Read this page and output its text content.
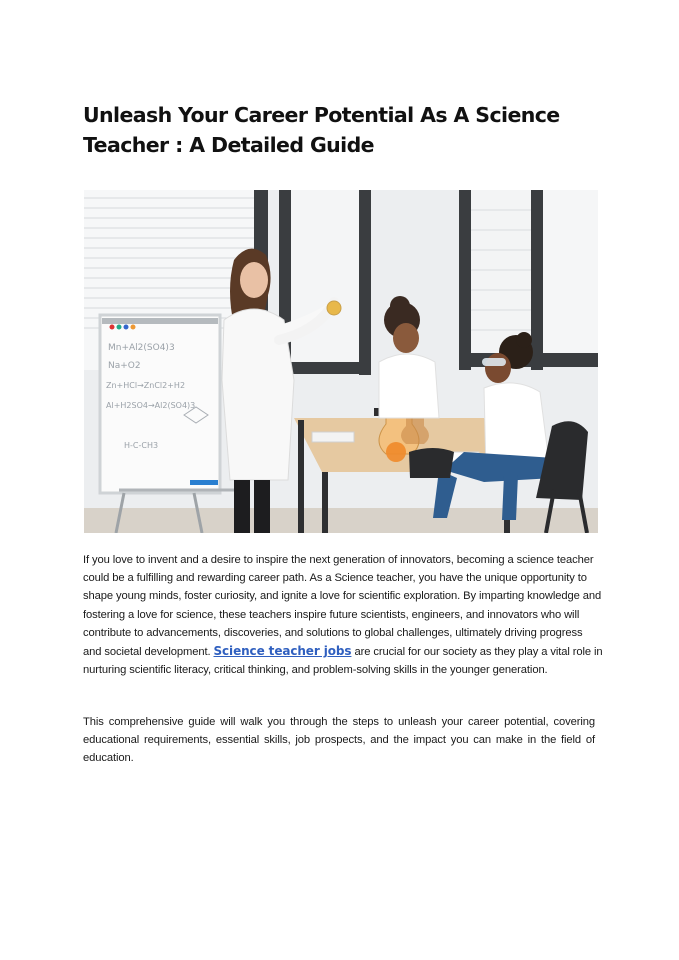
Unleash Your Career Potential As A Science Teacher : A Detailed Guide
Mn+Al2(SO4)3
Na+O2
Zn+HCl→ZnCl2+H2
Al+H2SO4→Al2(SO4)3
H-C-CH3

If you love to invent and a desire to inspire the next generation of innovators, becoming a science teacher could be a fulfilling and rewarding career path. As a Science teacher, you have the unique opportunity to shape young minds, foster curiosity, and ignite a love for scientific exploration. By imparting knowledge and fostering a love for science, these teachers inspire future scientists, engineers, and innovators who will contribute to advancements, discoveries, and solutions to global challenges, ultimately driving progress and societal development. Science teacher jobs are crucial for our society as they play a vital role in nurturing scientific literacy, critical thinking, and problem-solving skills in the younger generation.

This comprehensive guide will walk you through the steps to unleash your career potential, covering educational requirements, essential skills, job prospects, and the impact you can make in the field of education.
